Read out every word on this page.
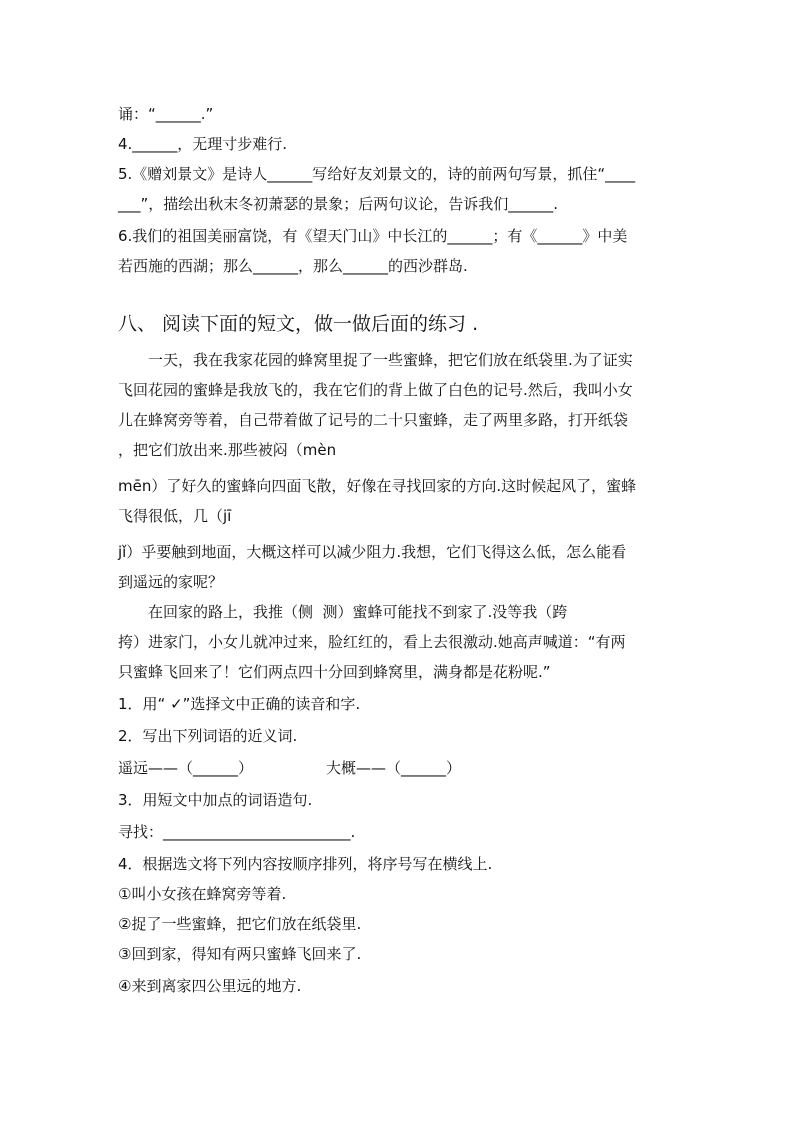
诵：“______.”
4.______，无理寸步难行.
5.《赠刘景文》是诗人______写给好友刘景文的，诗的前两句写景，抓住“____
___”，描绘出秋末冬初萧瑟的景象；后两句议论，告诉我们______.
6.我们的祖国美丽富饶，有《望天门山》中长江的______；有《______》中美
若西施的西湖；那么______，那么______的西沙群岛.
八、 阅读下面的短文，做一做后面的练习 .
一天，我在我家花园的蜂窝里捉了一些蜜蜂，把它们放在纸袋里.为了证实
飞回花园的蜜蜂是我放飞的，我在它们的背上做了白色的记号.然后，我叫小女
儿在蜂窝旁等着，自己带着做了记号的二十只蜜蜂，走了两里多路，打开纸袋
，把它们放出来.那些被闷（mèn
mēn）了好久的蜜蜂向四面飞散，好像在寻找回家的方向.这时候起风了，蜜蜂
飞得很低，几（jī
jǐ）乎要触到地面，大概这样可以减少阻力.我想，它们飞得这么低，怎么能看
到遥远的家呢？
在回家的路上，我推（侧  测）蜜蜂可能找不到家了.没等我（跨
挎）进家门，小女儿就冲过来，脸红红的，看上去很激动.她高声喊道：“有两
只蜜蜂飞回来了！它们两点四十分回到蜂窝里，满身都是花粉呢.”
1．用“ ✓”选择文中正确的读音和字.
2．写出下列词语的近义词.
遥远——（______）	大概——（______）
3．用短文中加点的词语造句.
寻找：_________________________.
4．根据选文将下列内容按顺序排列，将序号写在横线上.
①叫小女孩在蜂窝旁等着.
②捉了一些蜜蜂，把它们放在纸袋里.
③回到家，得知有两只蜜蜂飞回来了.
④来到离家四公里远的地方.
